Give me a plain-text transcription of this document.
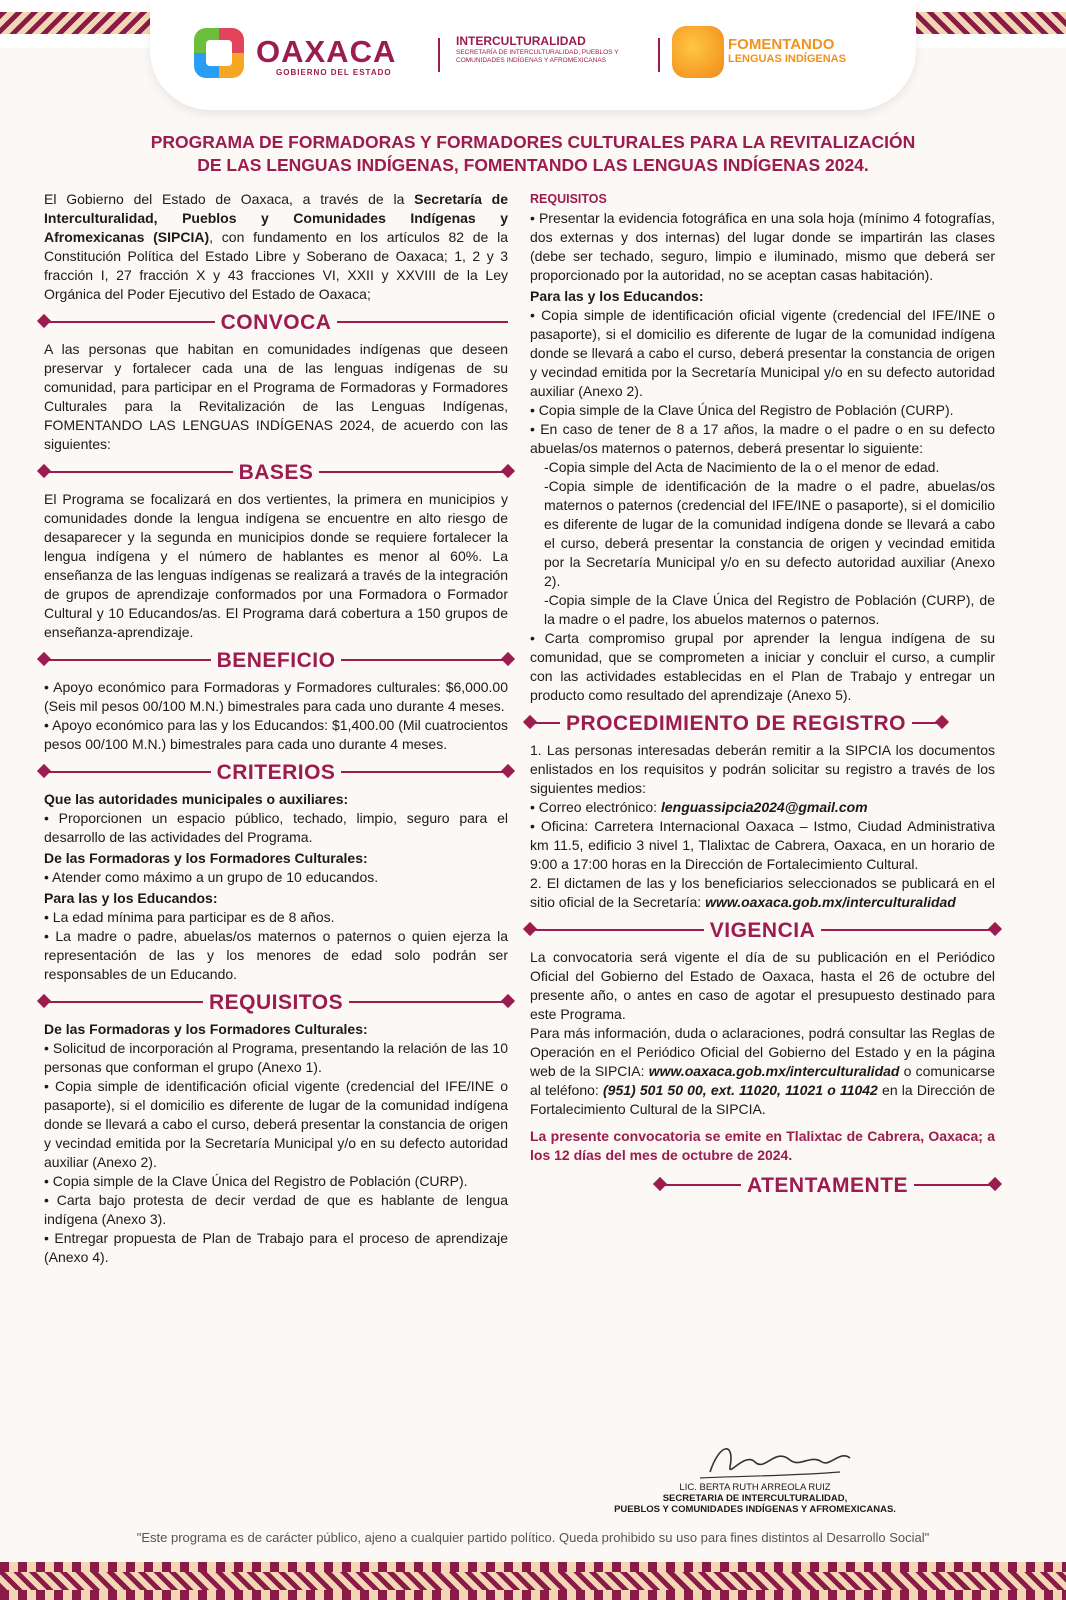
OAXACA
GOBIERNO DEL ESTADO
INTERCULTURALIDAD
SECRETARÍA DE INTERCULTURALIDAD, PUEBLOS Y COMUNIDADES INDÍGENAS Y AFROMEXICANAS
FOMENTANDO
LENGUAS INDÍGENAS
PROGRAMA DE FORMADORAS Y FORMADORES CULTURALES PARA LA REVITALIZACIÓN
DE LAS LENGUAS INDÍGENAS, FOMENTANDO LAS LENGUAS INDÍGENAS 2024.

El Gobierno del Estado de Oaxaca, a través de la Secretaría de Interculturalidad, Pueblos y Comunidades Indígenas y Afromexicanas (SIPCIA), con fundamento en los artículos 82 de la Constitución Política del Estado Libre y Soberano de Oaxaca; 1, 2 y 3 fracción I, 27 fracción X y 43 fracciones VI, XXII y XXVIII de la Ley Orgánica del Poder Ejecutivo del Estado de Oaxaca;

CONVOCA

A las personas que habitan en comunidades indígenas que deseen preservar y fortalecer cada una de las lenguas indígenas de su comunidad, para participar en el Programa de Formadoras y Formadores Culturales para la Revitalización de las Lenguas Indígenas, FOMENTANDO LAS LENGUAS INDÍGENAS 2024, de acuerdo con las siguientes:

BASES

El Programa se focalizará en dos vertientes, la primera en municipios y comunidades donde la lengua indígena se encuentre en alto riesgo de desaparecer y la segunda en municipios donde se requiere fortalecer la lengua indígena y el número de hablantes es menor al 60%. La enseñanza de las lenguas indígenas se realizará a través de la integración de grupos de aprendizaje conformados por una Formadora o Formador Cultural y 10 Educandos/as. El Programa dará cobertura a 150 grupos de enseñanza-aprendizaje.

BENEFICIO

• Apoyo económico para Formadoras y Formadores culturales: $6,000.00 (Seis mil pesos 00/100 M.N.) bimestrales para cada uno durante 4 meses.

• Apoyo económico para las y los Educandos: $1,400.00 (Mil cuatrocientos pesos 00/100 M.N.) bimestrales para cada uno durante 4 meses.

CRITERIOS

Que las autoridades municipales o auxiliares:

• Proporcionen un espacio público, techado, limpio, seguro para el desarrollo de las actividades del Programa.

De las Formadoras y los Formadores Culturales:

• Atender como máximo a un grupo de 10 educandos.

Para las y los Educandos:

• La edad mínima para participar es de 8 años.

• La madre o padre, abuelas/os maternos o paternos o quien ejerza la representación de las y los menores de edad solo podrán ser responsables de un Educando.

REQUISITOS

De las Formadoras y los Formadores Culturales:

• Solicitud de incorporación al Programa, presentando la relación de las 10 personas que conforman el grupo (Anexo 1).

• Copia simple de identificación oficial vigente (credencial del IFE/INE o pasaporte), si el domicilio es diferente de lugar de la comunidad indígena donde se llevará a cabo el curso, deberá presentar la constancia de origen y vecindad emitida por la Secretaría Municipal y/o en su defecto autoridad auxiliar (Anexo 2).

• Copia simple de la Clave Única del Registro de Población (CURP).

• Carta bajo protesta de decir verdad de que es hablante de lengua indígena (Anexo 3).

• Entregar propuesta de Plan de Trabajo para el proceso de aprendizaje (Anexo 4).

REQUISITOS

• Presentar la evidencia fotográfica en una sola hoja (mínimo 4 fotografías, dos externas y dos internas) del lugar donde se impartirán las clases (debe ser techado, seguro, limpio e iluminado, mismo que deberá ser proporcionado por la autoridad, no se aceptan casas habitación).

Para las y los Educandos:

• Copia simple de identificación oficial vigente (credencial del IFE/INE o pasaporte), si el domicilio es diferente de lugar de la comunidad indígena donde se llevará a cabo el curso, deberá presentar la constancia de origen y vecindad emitida por la Secretaría Municipal y/o en su defecto autoridad auxiliar (Anexo 2).

• Copia simple de la Clave Única del Registro de Población (CURP).

• En caso de tener de 8 a 17 años, la madre o el padre o en su defecto abuelas/os maternos o paternos, deberá presentar lo siguiente:

-Copia simple del Acta de Nacimiento de la o el menor de edad.

-Copia simple de identificación de la madre o el padre, abuelas/os maternos o paternos (credencial del IFE/INE o pasaporte), si el domicilio es diferente de lugar de la comunidad indígena donde se llevará a cabo el curso, deberá presentar la constancia de origen y vecindad emitida por la Secretaría Municipal y/o en su defecto autoridad auxiliar (Anexo 2).

-Copia simple de la Clave Única del Registro de Población (CURP), de la madre o el padre, los abuelos maternos o paternos.

• Carta compromiso grupal por aprender la lengua indígena de su comunidad, que se comprometen a iniciar y concluir el curso, a cumplir con las actividades establecidas en el Plan de Trabajo y entregar un producto como resultado del aprendizaje (Anexo 5).

PROCEDIMIENTO DE REGISTRO

1. Las personas interesadas deberán remitir a la SIPCIA los documentos enlistados en los requisitos y podrán solicitar su registro a través de los siguientes medios:

• Correo electrónico: lenguassipcia2024@gmail.com

• Oficina: Carretera Internacional Oaxaca – Istmo, Ciudad Administrativa km 11.5, edificio 3 nivel 1, Tlalixtac de Cabrera, Oaxaca, en un horario de 9:00 a 17:00 horas en la Dirección de Fortalecimiento Cultural.

2. El dictamen de las y los beneficiarios seleccionados se publicará en el sitio oficial de la Secretaría: www.oaxaca.gob.mx/interculturalidad

VIGENCIA

La convocatoria será vigente el día de su publicación en el Periódico Oficial del Gobierno del Estado de Oaxaca, hasta el 26 de octubre del presente año, o antes en caso de agotar el presupuesto destinado para este Programa.

Para más información, duda o aclaraciones, podrá consultar las Reglas de Operación en el Periódico Oficial del Gobierno del Estado y en la página web de la SIPCIA: www.oaxaca.gob.mx/interculturalidad o comunicarse al teléfono: (951) 501 50 00, ext. 11020, 11021 o 11042 en la Dirección de Fortalecimiento Cultural de la SIPCIA.

La presente convocatoria se emite en Tlalixtac de Cabrera, Oaxaca; a los 12 días del mes de octubre de 2024.

ATENTAMENTE
LIC. BERTA RUTH ARREOLA RUIZ
SECRETARIA DE INTERCULTURALIDAD,
PUEBLOS Y COMUNIDADES INDÍGENAS Y AFROMEXICANAS.
"Este programa es de carácter público, ajeno a cualquier partido político. Queda prohibido su uso para fines distintos al Desarrollo Social"
